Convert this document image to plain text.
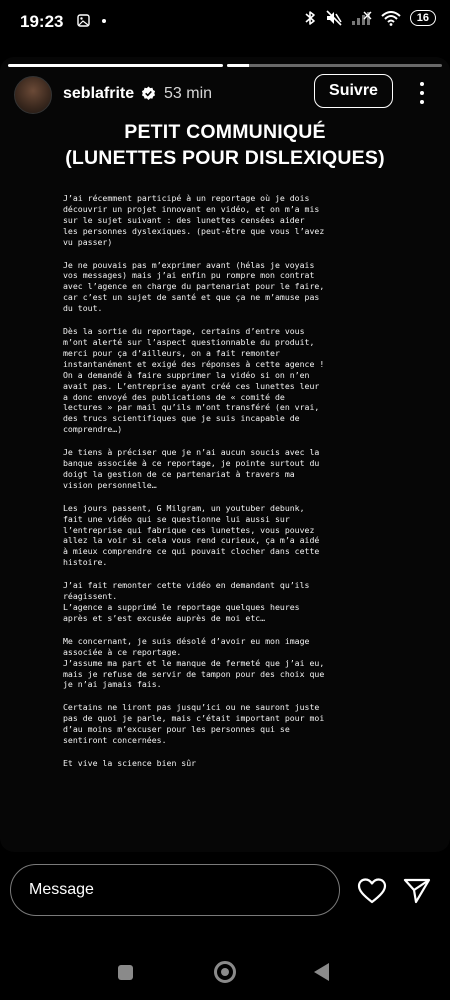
19:23
	16
seblafrite 53 min	Suivre
PETIT COMMUNIQUÉ
(LUNETTES POUR DISLEXIQUES)

J’ai récemment participé à un reportage où je dois
découvrir un projet innovant en vidéo, et on m’a mis
sur le sujet suivant : des lunettes censées aider
les personnes dyslexiques. (peut-être que vous l’avez
vu passer)

Je ne pouvais pas m’exprimer avant (hélas je voyais
vos messages) mais j’ai enfin pu rompre mon contrat
avec l’agence en charge du partenariat pour le faire,
car c’est un sujet de santé et que ça ne m’amuse pas
du tout.

Dès la sortie du reportage, certains d’entre vous
m’ont alerté sur l’aspect questionnable du produit,
merci pour ça d’ailleurs, on a fait remonter
instantanément et exigé des réponses à cette agence !
On a demandé à faire supprimer la vidéo si on n’en
avait pas. L’entreprise ayant créé ces lunettes leur
a donc envoyé des publications de « comité de
lectures » par mail qu’ils m’ont transféré (en vrai,
des trucs scientifiques que je suis incapable de
comprendre…)

Je tiens à préciser que je n’ai aucun soucis avec la
banque associée à ce reportage, je pointe surtout du
doigt la gestion de ce partenariat à travers ma
vision personnelle…

Les jours passent, G Milgram, un youtuber debunk,
fait une vidéo qui se questionne lui aussi sur
l’entreprise qui fabrique ces lunettes, vous pouvez
allez la voir si cela vous rend curieux, ça m’a aidé
à mieux comprendre ce qui pouvait clocher dans cette
histoire.

J’ai fait remonter cette vidéo en demandant qu’ils
réagissent.
L’agence a supprimé le reportage quelques heures
après et s’est excusée auprès de moi etc…

Me concernant, je suis désolé d’avoir eu mon image
associée à ce reportage.
J’assume ma part et le manque de fermeté que j’ai eu,
mais je refuse de servir de tampon pour des choix que
je n’ai jamais fais.

Certains ne liront pas jusqu’ici ou ne sauront juste
pas de quoi je parle, mais c’était important pour moi
d’au moins m’excuser pour les personnes qui se
sentiront concernées.

Et vive la science bien sûr

Message
